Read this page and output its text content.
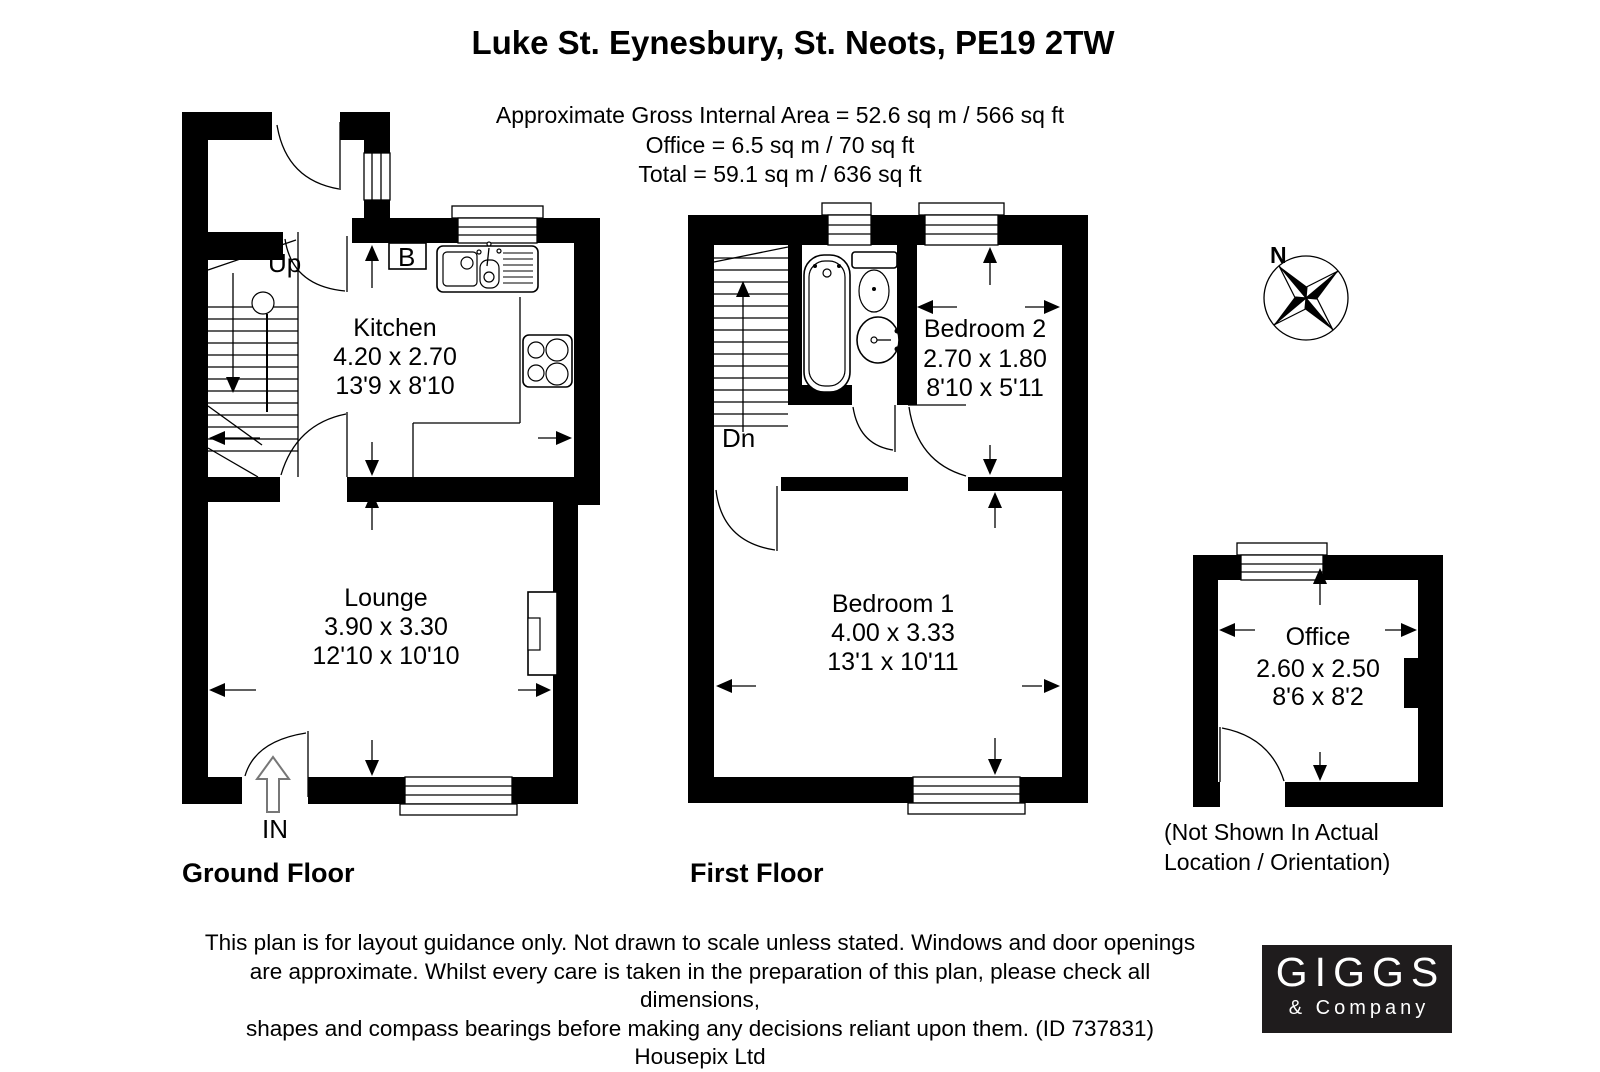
Luke St. Eynesbury, St. Neots, PE19 2TW
Approximate Gross Internal Area = 52.6 sq m / 566 sq ft
Office = 6.5 sq m / 70 sq ft
Total = 59.1 sq m / 636 sq ft
Up	B
IN
Kitchen
4.20 x 2.70
13'9 x 8'10
Lounge
3.90 x 3.30
12'10 x 10'10
Dn
Bedroom 2
2.70 x 1.80
8'10 x 5'11
Bedroom 1
4.00 x 3.33
13'1 x 10'11
Office
2.60 x 2.50
8'6 x 8'2
N
Ground Floor	First Floor
(Not Shown In Actual
Location / Orientation)
This plan is for layout guidance only. Not drawn to scale unless stated. Windows and door openings
are approximate. Whilst every care is taken in the preparation of this plan, please check all dimensions,
shapes and compass bearings before making any decisions reliant upon them. (ID 737831)
Housepix Ltd
GIGGS
& Company
